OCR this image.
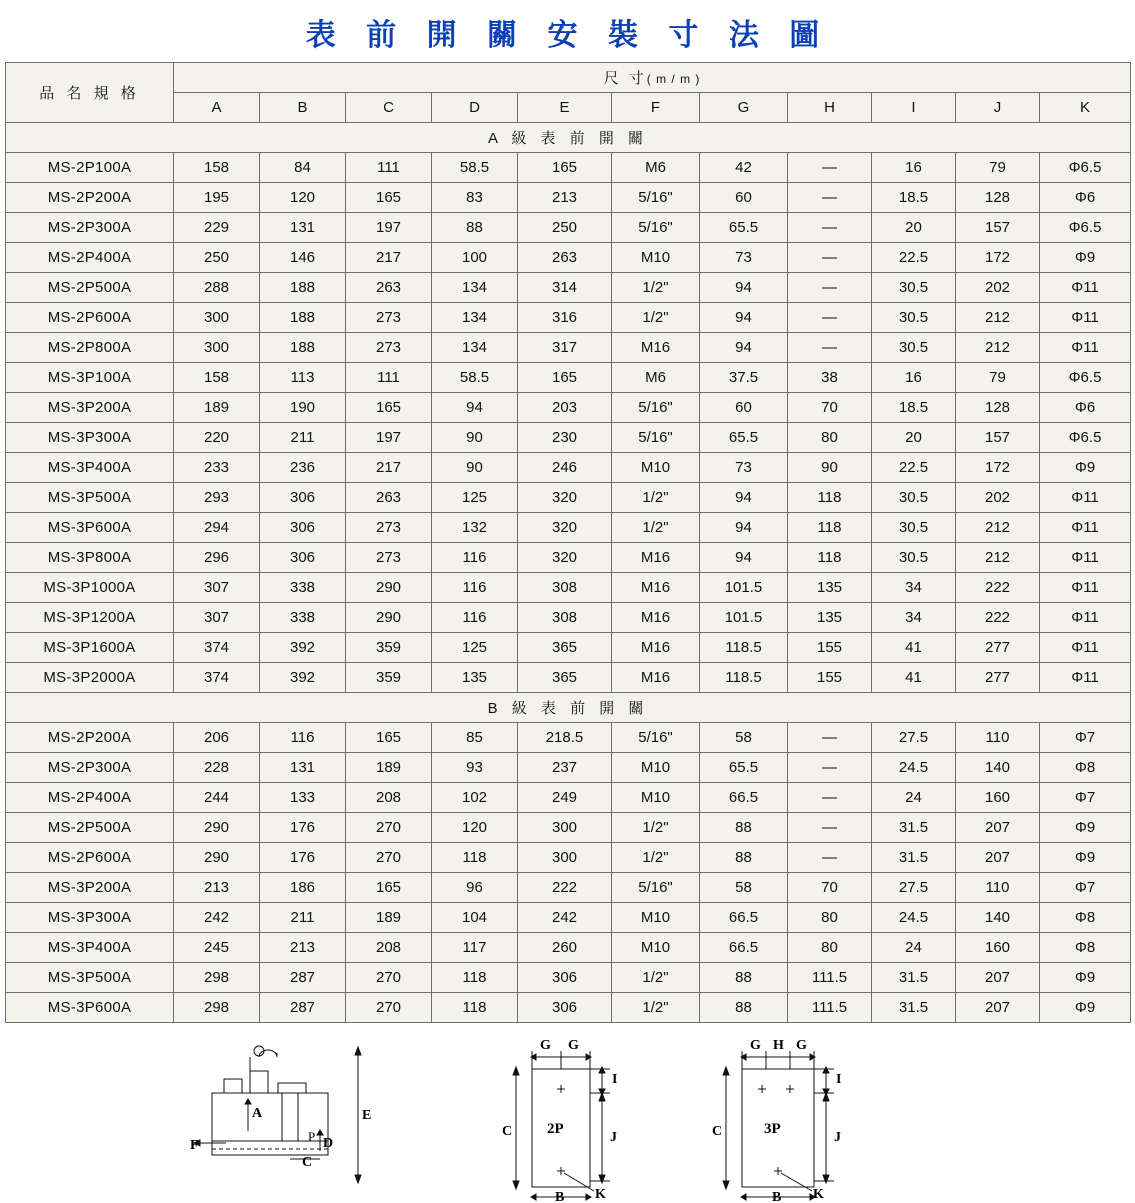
表 前 開 關 安 裝 寸 法 圖
品 名 規 格	尺 寸( m / m )										
	A	B	C	D	E	F	G	H	I	J	K
A 級 表 前 開 關											
MS-2P100A	158	84	111	58.5	165	M6	42	—	16	79	Φ6.5
MS-2P200A	195	120	165	83	213	5/16"	60	—	18.5	128	Φ6
MS-2P300A	229	131	197	88	250	5/16"	65.5	—	20	157	Φ6.5
MS-2P400A	250	146	217	100	263	M10	73	—	22.5	172	Φ9
MS-2P500A	288	188	263	134	314	1/2"	94	—	30.5	202	Φ11
MS-2P600A	300	188	273	134	316	1/2"	94	—	30.5	212	Φ11
MS-2P800A	300	188	273	134	317	M16	94	—	30.5	212	Φ11
MS-3P100A	158	113	111	58.5	165	M6	37.5	38	16	79	Φ6.5
MS-3P200A	189	190	165	94	203	5/16"	60	70	18.5	128	Φ6
MS-3P300A	220	211	197	90	230	5/16"	65.5	80	20	157	Φ6.5
MS-3P400A	233	236	217	90	246	M10	73	90	22.5	172	Φ9
MS-3P500A	293	306	263	125	320	1/2"	94	118	30.5	202	Φ11
MS-3P600A	294	306	273	132	320	1/2"	94	118	30.5	212	Φ11
MS-3P800A	296	306	273	116	320	M16	94	118	30.5	212	Φ11
MS-3P1000A	307	338	290	116	308	M16	101.5	135	34	222	Φ11
MS-3P1200A	307	338	290	116	308	M16	101.5	135	34	222	Φ11
MS-3P1600A	374	392	359	125	365	M16	118.5	155	41	277	Φ11
MS-3P2000A	374	392	359	135	365	M16	118.5	155	41	277	Φ11
B 級 表 前 開 關											
MS-2P200A	206	116	165	85	218.5	5/16"	58	—	27.5	110	Φ7
MS-2P300A	228	131	189	93	237	M10	65.5	—	24.5	140	Φ8
MS-2P400A	244	133	208	102	249	M10	66.5	—	24	160	Φ7
MS-2P500A	290	176	270	120	300	1/2"	88	—	31.5	207	Φ9
MS-2P600A	290	176	270	118	300	1/2"	88	—	31.5	207	Φ9
MS-3P200A	213	186	165	96	222	5/16"	58	70	27.5	110	Φ7
MS-3P300A	242	211	189	104	242	M10	66.5	80	24.5	140	Φ8
MS-3P400A	245	213	208	117	260	M10	66.5	80	24	160	Φ8
MS-3P500A	298	287	270	118	306	1/2"	88	111.5	31.5	207	Φ9
MS-3P600A	298	287	270	118	306	1/2"	88	111.5	31.5	207	Φ9
A
F	D
C
E
P
G G
I
J
C
B K
2P
G H G
I
J
C
B K
3P
